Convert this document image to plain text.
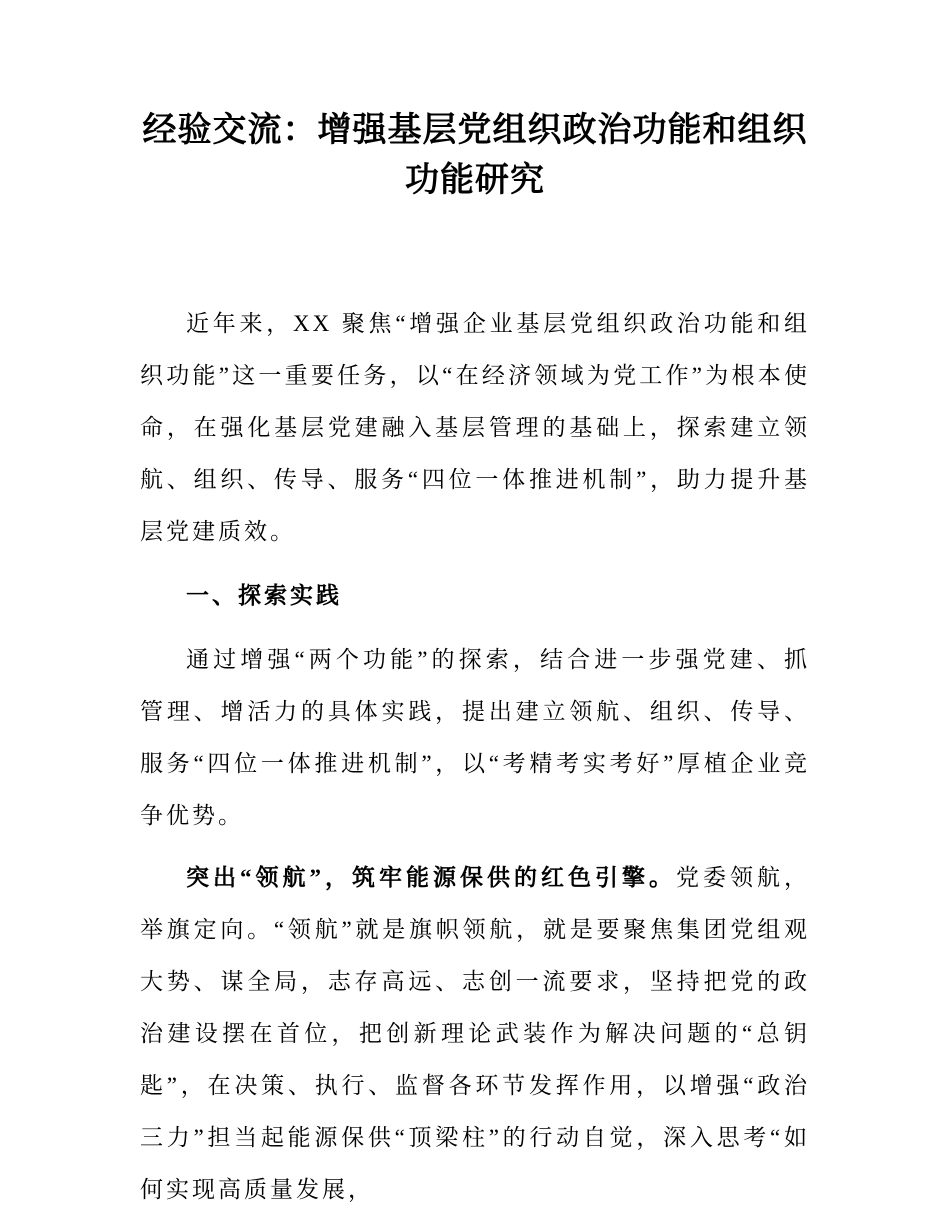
经验交流：增强基层党组织政治功能和组织
功能研究

近年来，XX 聚焦“增强企业基层党组织政治功能和组织功能”这一重要任务，以“在经济领域为党工作”为根本使命，在强化基层党建融入基层管理的基础上，探索建立领航、组织、传导、服务“四位一体推进机制”，助力提升基层党建质效。

一、探索实践

通过增强“两个功能”的探索，结合进一步强党建、抓管理、增活力的具体实践，提出建立领航、组织、传导、服务“四位一体推进机制”，以“考精考实考好”厚植企业竞争优势。

突出“领航”，筑牢能源保供的红色引擎。党委领航，举旗定向。“领航”就是旗帜领航，就是要聚焦集团党组观大势、谋全局，志存高远、志创一流要求，坚持把党的政治建设摆在首位，把创新理论武装作为解决问题的“总钥匙”，在决策、执行、监督各环节发挥作用，以增强“政治三力”担当起能源保供“顶梁柱”的行动自觉，深入思考“如何实现高质量发展，
